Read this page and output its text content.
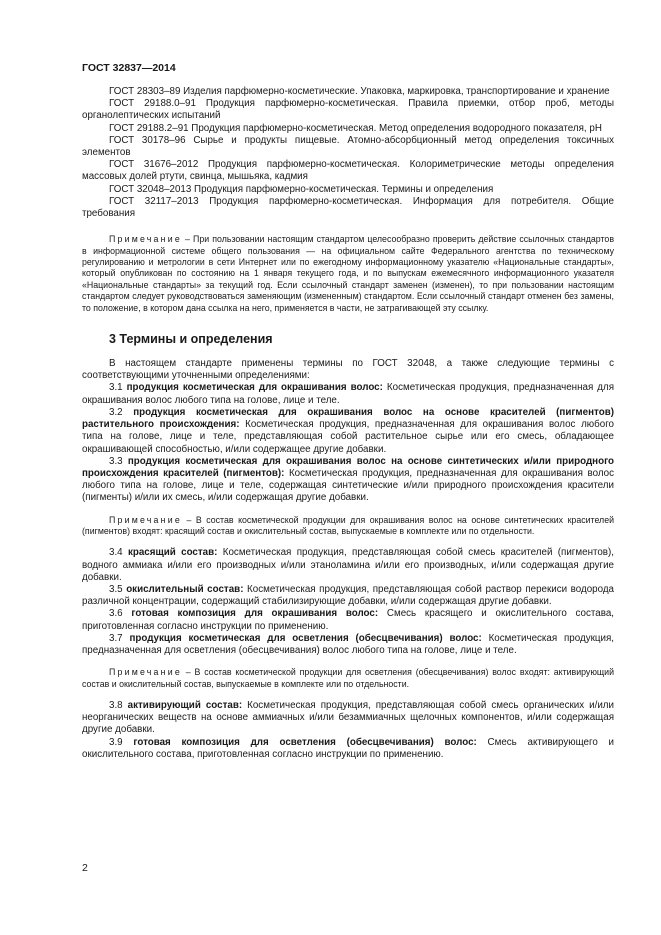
ГОСТ 32837—2014

ГОСТ 28303–89 Изделия парфюмерно-косметические. Упаковка, маркировка, транспортирование и хранение

ГОСТ 29188.0–91 Продукция парфюмерно-косметическая. Правила приемки, отбор проб, методы органолептических испытаний

ГОСТ 29188.2–91 Продукция парфюмерно-косметическая. Метод определения водородного показателя, pH

ГОСТ 30178–96 Сырье и продукты пищевые. Атомно-абсорбционный метод определения токсичных элементов

ГОСТ 31676–2012 Продукция парфюмерно-косметическая. Колориметрические методы определения массовых долей ртути, свинца, мышьяка, кадмия

ГОСТ 32048–2013 Продукция парфюмерно-косметическая. Термины и определения

ГОСТ 32117–2013 Продукция парфюмерно-косметическая. Информация для потребителя. Общие требования

Примечание – При пользовании настоящим стандартом целесообразно проверить действие ссылочных стандартов в информационной системе общего пользования — на официальном сайте Федерального агентства по техническому регулированию и метрологии в сети Интернет или по ежегодному информационному указателю «Национальные стандарты», который опубликован по состоянию на 1 января текущего года, и по выпускам ежемесячного информационного указателя «Национальные стандарты» за текущий год. Если ссылочный стандарт заменен (изменен), то при пользовании настоящим стандартом следует руководствоваться заменяющим (измененным) стандартом. Если ссылочный стандарт отменен без замены, то положение, в котором дана ссылка на него, применяется в части, не затрагивающей эту ссылку.

3 Термины и определения

В настоящем стандарте применены термины по ГОСТ 32048, а также следующие термины с соответствующими уточненными определениями:

3.1 продукция косметическая для окрашивания волос: Косметическая продукция, предназначенная для окрашивания волос любого типа на голове, лице и теле.

3.2 продукция косметическая для окрашивания волос на основе красителей (пигментов) растительного происхождения: Косметическая продукция, предназначенная для окрашивания волос любого типа на голове, лице и теле, представляющая собой растительное сырье или его смесь, обладающее окрашивающей способностью, и/или содержащее другие добавки.

3.3 продукция косметическая для окрашивания волос на основе синтетических и/или природного происхождения красителей (пигментов): Косметическая продукция, предназначенная для окрашивания волос любого типа на голове, лице и теле, содержащая синтетические и/или природного происхождения красители (пигменты) и/или их смесь, и/или содержащая другие добавки.

Примечание – В состав косметической продукции для окрашивания волос на основе синтетических красителей (пигментов) входят: красящий состав и окислительный состав, выпускаемые в комплекте или по отдельности.

3.4 красящий состав: Косметическая продукция, представляющая собой смесь красителей (пигментов), водного аммиака и/или его производных и/или этаноламина и/или его производных, и/или содержащая другие добавки.

3.5 окислительный состав: Косметическая продукция, представляющая собой раствор перекиси водорода различной концентрации, содержащий стабилизирующие добавки, и/или содержащая другие добавки.

3.6 готовая композиция для окрашивания волос: Смесь красящего и окислительного состава, приготовленная согласно инструкции по применению.

3.7 продукция косметическая для осветления (обесцвечивания) волос: Косметическая продукция, предназначенная для осветления (обесцвечивания) волос любого типа на голове, лице и теле.

Примечание – В состав косметической продукции для осветления (обесцвечивания) волос входят: активирующий состав и окислительный состав, выпускаемые в комплекте или по отдельности.

3.8 активирующий состав: Косметическая продукция, представляющая собой смесь органических и/или неорганических веществ на основе аммиачных и/или безаммиачных щелочных компонентов, и/или содержащая другие добавки.

3.9 готовая композиция для осветления (обесцвечивания) волос: Смесь активирующего и окислительного состава, приготовленная согласно инструкции по применению.

2
